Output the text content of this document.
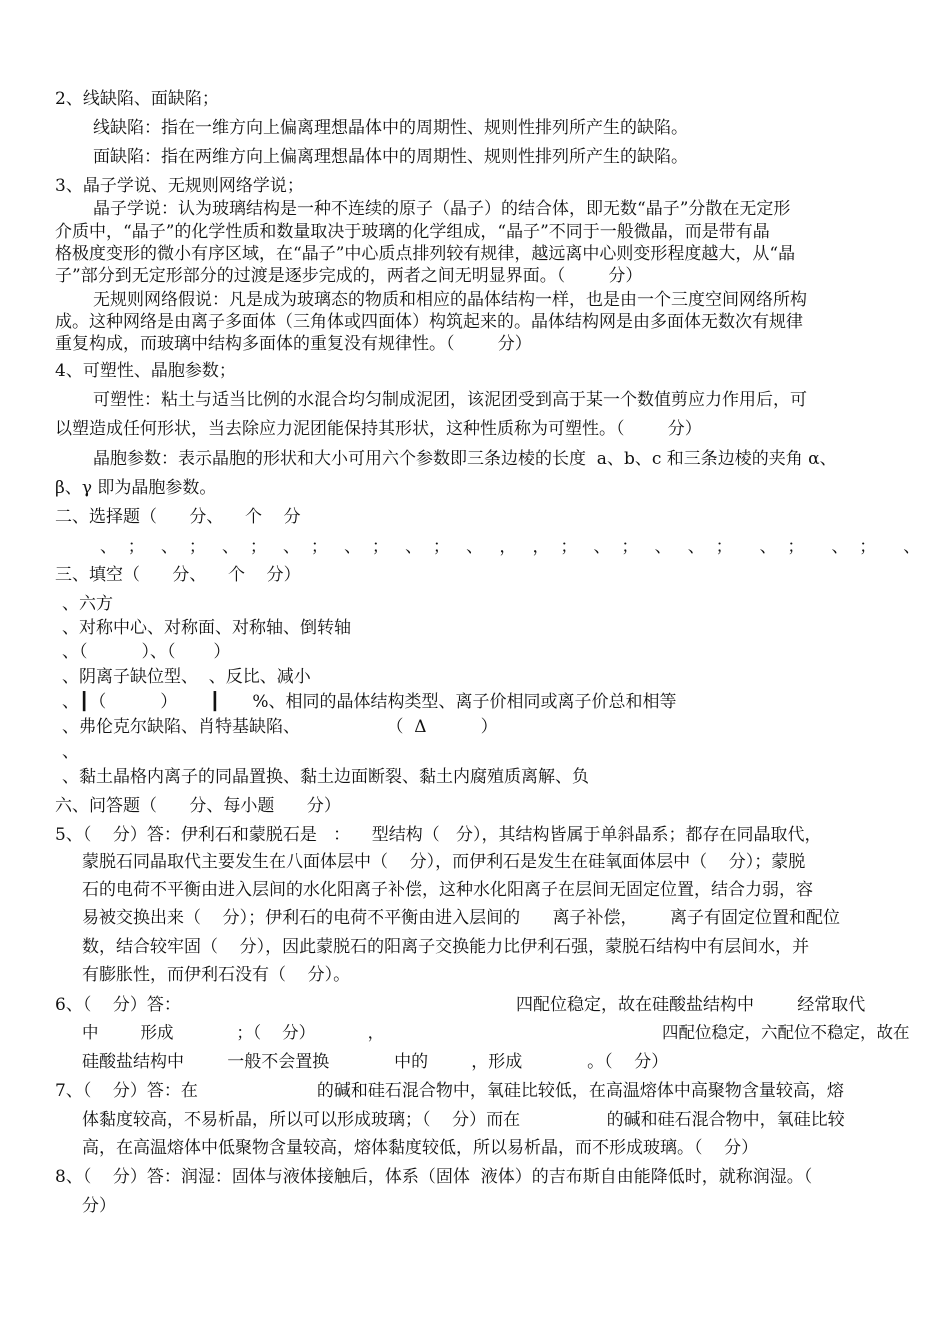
2、线缺陷、面缺陷；
线缺陷：指在一维方向上偏离理想晶体中的周期性、规则性排列所产生的缺陷。
面缺陷：指在两维方向上偏离理想晶体中的周期性、规则性排列所产生的缺陷。
3、晶子学说、无规则网络学说；
晶子学说：认为玻璃结构是一种不连续的原子（晶子）的结合体，即无数“晶子”分散在无定形
介质中，“晶子”的化学性质和数量取决于玻璃的化学组成，“晶子”不同于一般微晶，而是带有晶
格极度变形的微小有序区域，在“晶子”中心质点排列较有规律，越远离中心则变形程度越大，从“晶
子”部分到无定形部分的过渡是逐步完成的，两者之间无明显界面。（        分）
无规则网络假说：凡是成为玻璃态的物质和相应的晶体结构一样，也是由一个三度空间网络所构
成。这种网络是由离子多面体（三角体或四面体）构筑起来的。晶体结构网是由多面体无数次有规律
重复构成，而玻璃中结构多面体的重复没有规律性。（        分）
4、可塑性、晶胞参数；
可塑性：粘土与适当比例的水混合均匀制成泥团，该泥团受到高于某一个数值剪应力作用后，可
以塑造成任何形状，当去除应力泥团能保持其形状，这种性质称为可塑性。（        分）
晶胞参数：表示晶胞的形状和大小可用六个参数即三条边棱的长度  a、b、c 和三条边棱的夹角 α、
β、γ 即为晶胞参数。
二、选择题（      分、    个    分
、  ；   、  ；   、  ；   、  ；   、  ；   、  ；   、   ，   ，  ；   、  ；   、   、  ；     、  ；     、  ；     、
三、填空（      分、    个    分）
、六方
、对称中心、对称面、对称轴、倒转轴
、（          ）、（       ）
、阴离子缺位型、  、反比、减小
、┃（          ）      ┃      %、相同的晶体结构类型、离子价相同或离子价总和相等
、弗伦克尔缺陷、肖特基缺陷、                （  Δ          ）
、
、黏土晶格内离子的同晶置换、黏土边面断裂、黏土内腐殖质离解、负
六、问答题（      分、每小题      分）
5、（    分）答：伊利石和蒙脱石是   ：    型结构（   分），其结构皆属于单斜晶系；都存在同晶取代，
蒙脱石同晶取代主要发生在八面体层中（    分），而伊利石是发生在硅氧面体层中（    分）；蒙脱
石的电荷不平衡由进入层间的水化阳离子补偿，这种水化阳离子在层间无固定位置，结合力弱，容
易被交换出来（    分）；伊利石的电荷不平衡由进入层间的      离子补偿，      离子有固定位置和配位
数，结合较牢固（    分），因此蒙脱石的阳离子交换能力比伊利石强，蒙脱石结构中有层间水，并
有膨胀性，而伊利石没有（    分）。
6、（    分）答：                                                              四配位稳定，故在硅酸盐结构中        经常取代
中        形成            ；（    分）          ，                                                     四配位稳定，六配位不稳定，故在
硅酸盐结构中        一般不会置换            中的        ，形成            。（    分）
7、（    分）答：在                      的碱和硅石混合物中，氧硅比较低，在高温熔体中高聚物含量较高，熔
体黏度较高，不易析晶，所以可以形成玻璃；（    分）而在                的碱和硅石混合物中，氧硅比较
高，在高温熔体中低聚物含量较高，熔体黏度较低，所以易析晶，而不形成玻璃。（    分）
8、（    分）答：润湿：固体与液体接触后，体系（固体  液体）的吉布斯自由能降低时，就称润湿。（
分）
